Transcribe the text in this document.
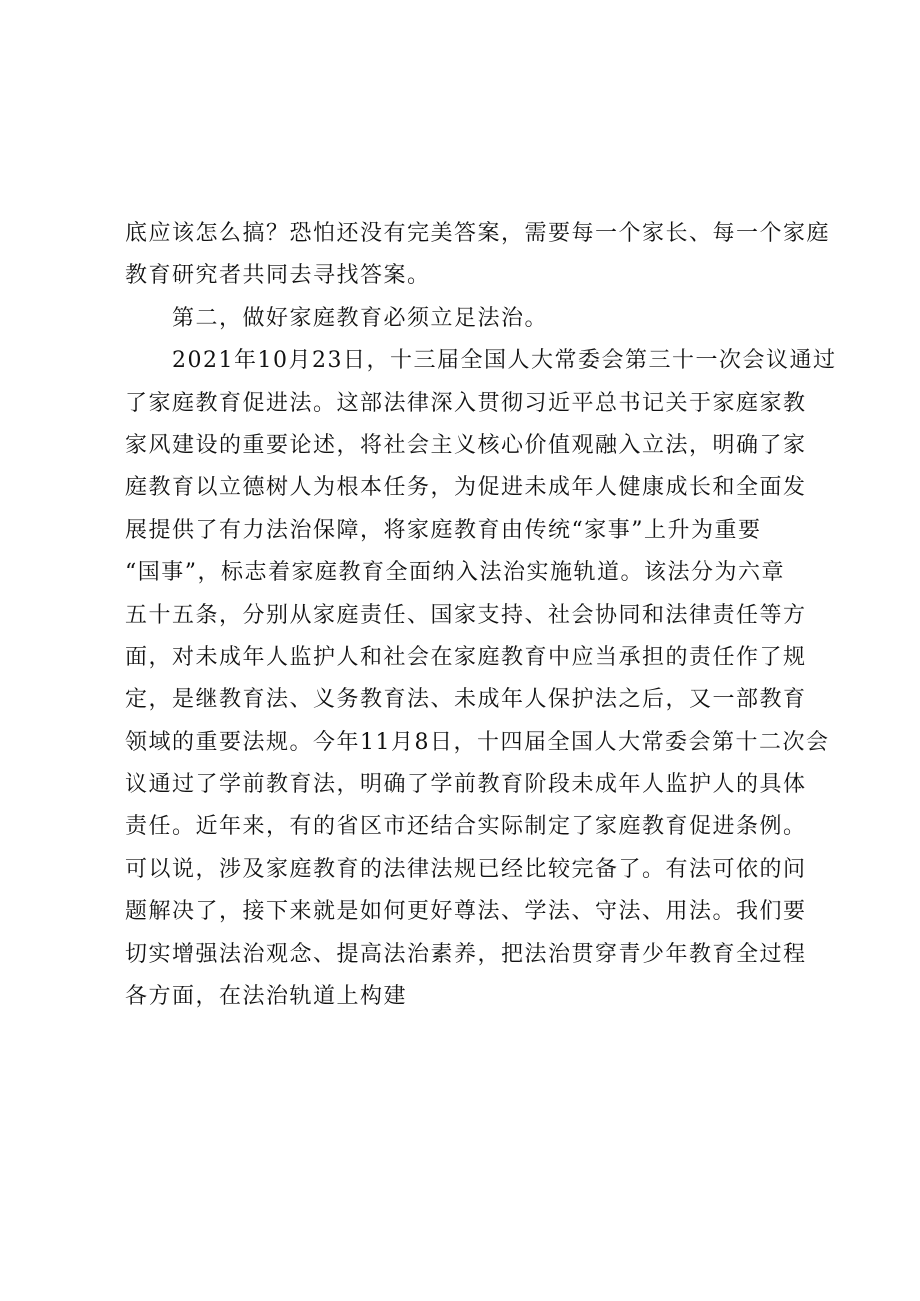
底应该怎么搞？恐怕还没有完美答案，需要每一个家长、每一个家庭
教育研究者共同去寻找答案。
　　第二，做好家庭教育必须立足法治。
　　2021年10月23日，十三届全国人大常委会第三十一次会议通过
了家庭教育促进法。这部法律深入贯彻习近平总书记关于家庭家教
家风建设的重要论述，将社会主义核心价值观融入立法，明确了家
庭教育以立德树人为根本任务，为促进未成年人健康成长和全面发
展提供了有力法治保障，将家庭教育由传统“家事”上升为重要
“国事”，标志着家庭教育全面纳入法治实施轨道。该法分为六章
五十五条，分别从家庭责任、国家支持、社会协同和法律责任等方
面，对未成年人监护人和社会在家庭教育中应当承担的责任作了规
定，是继教育法、义务教育法、未成年人保护法之后，又一部教育
领域的重要法规。今年11月8日，十四届全国人大常委会第十二次会
议通过了学前教育法，明确了学前教育阶段未成年人监护人的具体
责任。近年来，有的省区市还结合实际制定了家庭教育促进条例。
可以说，涉及家庭教育的法律法规已经比较完备了。有法可依的问
题解决了，接下来就是如何更好尊法、学法、守法、用法。我们要
切实增强法治观念、提高法治素养，把法治贯穿青少年教育全过程
各方面，在法治轨道上构建
